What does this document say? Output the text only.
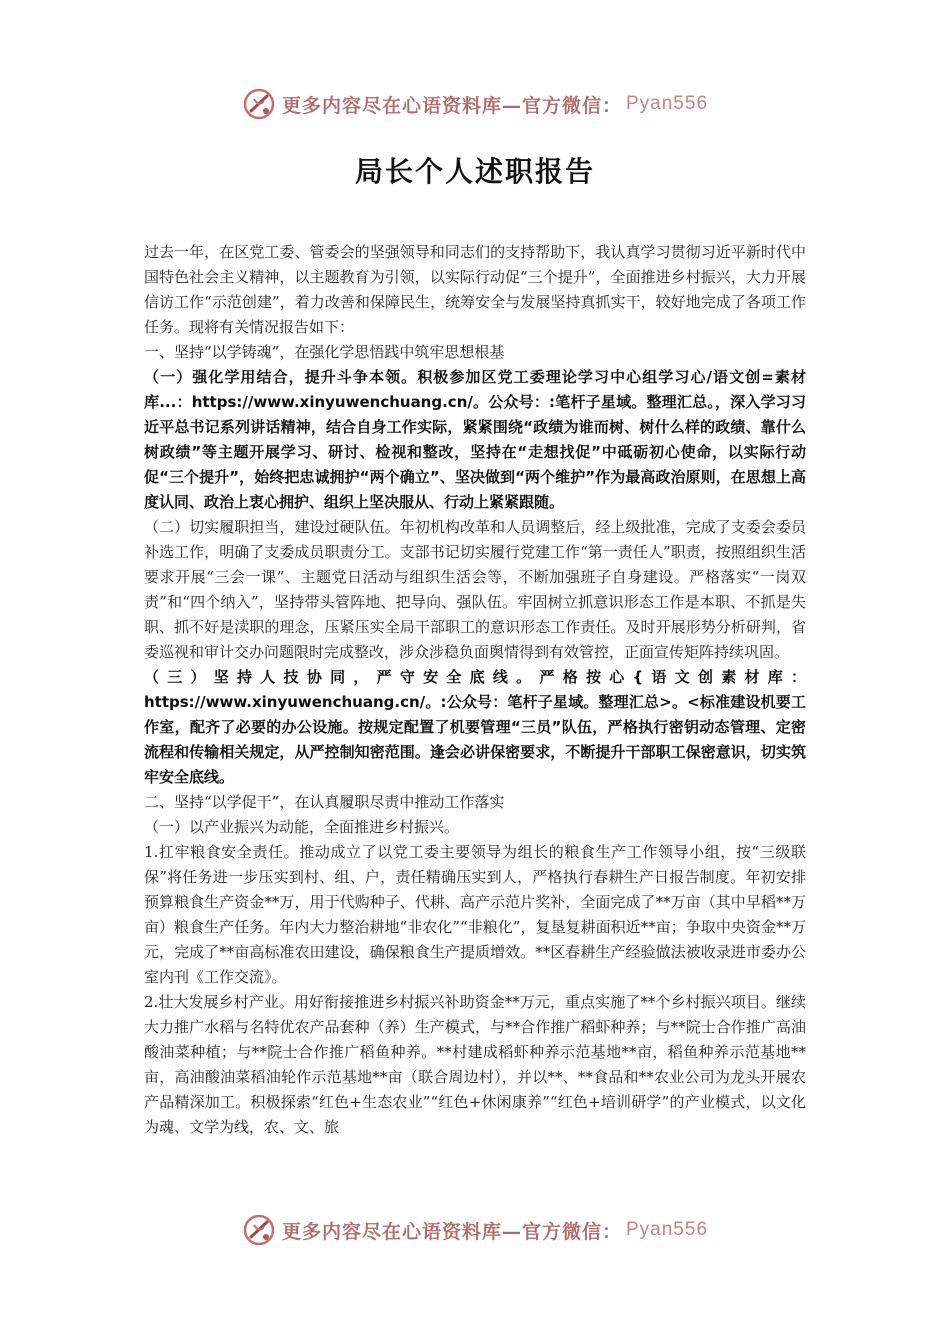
更多内容尽在心语资料库—官方微信： Pyan556
局长个人述职报告

过去一年，在区党工委、管委会的坚强领导和同志们的支持帮助下，我认真学习贯彻习近平新时代中国特色社会主义精神，以主题教育为引领，以实际行动促“三个提升”，全面推进乡村振兴，大力开展信访工作“示范创建”，着力改善和保障民生，统筹安全与发展坚持真抓实干，较好地完成了各项工作任务。现将有关情况报告如下：

一、坚持“以学铸魂”，在强化学思悟践中筑牢思想根基

（一）强化学用结合，提升斗争本领。积极参加区党工委理论学习中心组学习心/语文创=素材库...：https://www.xinyuwenchuang.cn/。公众号：:笔杆子星域。整理汇总。，深入学习习近平总书记系列讲话精神，结合自身工作实际，紧紧围绕“政绩为谁而树、树什么样的政绩、靠什么树政绩”等主题开展学习、研讨、检视和整改，坚持在“走想找促”中砥砺初心使命，以实际行动促“三个提升”，始终把忠诚拥护“两个确立”、坚决做到“两个维护”作为最高政治原则，在思想上高度认同、政治上衷心拥护、组织上坚决服从、行动上紧紧跟随。

（二）切实履职担当，建设过硬队伍。年初机构改革和人员调整后，经上级批准，完成了支委会委员补选工作，明确了支委成员职责分工。支部书记切实履行党建工作“第一责任人”职责，按照组织生活要求开展“三会一课”、主题党日活动与组织生活会等，不断加强班子自身建设。严格落实“一岗双责”和“四个纳入”，坚持带头管阵地、把导向、强队伍。牢固树立抓意识形态工作是本职、不抓是失职、抓不好是渎职的理念，压紧压实全局干部职工的意识形态工作责任。及时开展形势分析研判，省委巡视和审计交办问题限时完成整改，涉众涉稳负面舆情得到有效管控，正面宣传矩阵持续巩固。

（三）坚持人技协同，严守安全底线。严格按心{语文创素材库：https://www.xinyuwenchuang.cn/。:公众号：笔杆子星域。整理汇总>。<标准建设机要工作室，配齐了必要的办公设施。按规定配置了机要管理“三员”队伍，严格执行密钥动态管理、定密流程和传输相关规定，从严控制知密范围。逢会必讲保密要求，不断提升干部职工保密意识，切实筑牢安全底线。

二、坚持“以学促干”，在认真履职尽责中推动工作落实

（一）以产业振兴为动能，全面推进乡村振兴。

1.扛牢粮食安全责任。推动成立了以党工委主要领导为组长的粮食生产工作领导小组，按“三级联保”将任务进一步压实到村、组、户，责任精确压实到人，严格执行春耕生产日报告制度。年初安排预算粮食生产资金**万，用于代购种子、代耕、高产示范片奖补，全面完成了**万亩（其中早稻**万亩）粮食生产任务。年内大力整治耕地“非农化”“非粮化”，复垦复耕面积近**亩；争取中央资金**万元，完成了**亩高标准农田建设，确保粮食生产提质增效。**区春耕生产经验做法被收录进市委办公室内刊《工作交流》。

2.壮大发展乡村产业。用好衔接推进乡村振兴补助资金**万元，重点实施了**个乡村振兴项目。继续大力推广水稻与名特优农产品套种（养）生产模式，与**合作推广稻虾种养；与**院士合作推广高油酸油菜种植；与**院士合作推广稻鱼种养。**村建成稻虾种养示范基地**亩，稻鱼种养示范基地**亩，高油酸油菜稻油轮作示范基地**亩（联合周边村），并以**、**食品和**农业公司为龙头开展农产品精深加工。积极探索“红色+生态农业”“红色+休闲康养”“红色+培训研学”的产业模式，以文化为魂、文学为线，农、文、旅

更多内容尽在心语资料库—官方微信： Pyan556
